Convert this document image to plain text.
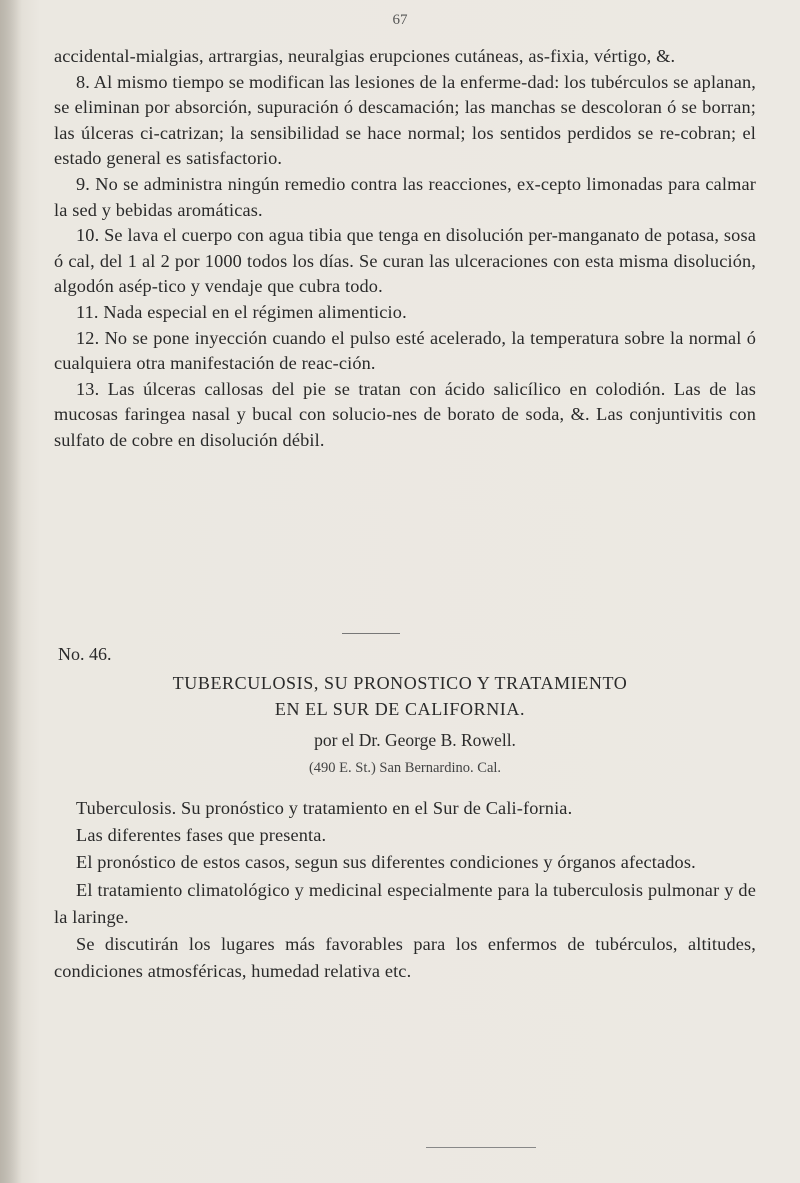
67

accidental-mialgias, artrargias, neuralgias erupciones cutáneas, as-fixia, vértigo, &.

8. Al mismo tiempo se modifican las lesiones de la enferme-dad: los tubérculos se aplanan, se eliminan por absorción, supuración ó descamación; las manchas se descoloran ó se borran; las úlceras ci-catrizan; la sensibilidad se hace normal; los sentidos perdidos se re-cobran; el estado general es satisfactorio.

9. No se administra ningún remedio contra las reacciones, ex-cepto limonadas para calmar la sed y bebidas aromáticas.

10. Se lava el cuerpo con agua tibia que tenga en disolución per-manganato de potasa, sosa ó cal, del 1 al 2 por 1000 todos los días. Se curan las ulceraciones con esta misma disolución, algodón asép-tico y vendaje que cubra todo.

11. Nada especial en el régimen alimenticio.

12. No se pone inyección cuando el pulso esté acelerado, la temperatura sobre la normal ó cualquiera otra manifestación de reac-ción.

13. Las úlceras callosas del pie se tratan con ácido salicílico en colodión. Las de las mucosas faringea nasal y bucal con solucio-nes de borato de soda, &. Las conjuntivitis con sulfato de cobre en disolución débil.

No. 46.
TUBERCULOSIS, SU PRONOSTICO Y TRATAMIENTO
EN EL SUR DE CALIFORNIA.
por el Dr. George B. Rowell.
(490 E. St.) San Bernardino. Cal.

Tuberculosis. Su pronóstico y tratamiento en el Sur de Cali-fornia.

Las diferentes fases que presenta.

El pronóstico de estos casos, segun sus diferentes condiciones y órganos afectados.

El tratamiento climatológico y medicinal especialmente para la tuberculosis pulmonar y de la laringe.

Se discutirán los lugares más favorables para los enfermos de tubérculos, altitudes, condiciones atmosféricas, humedad relativa etc.
